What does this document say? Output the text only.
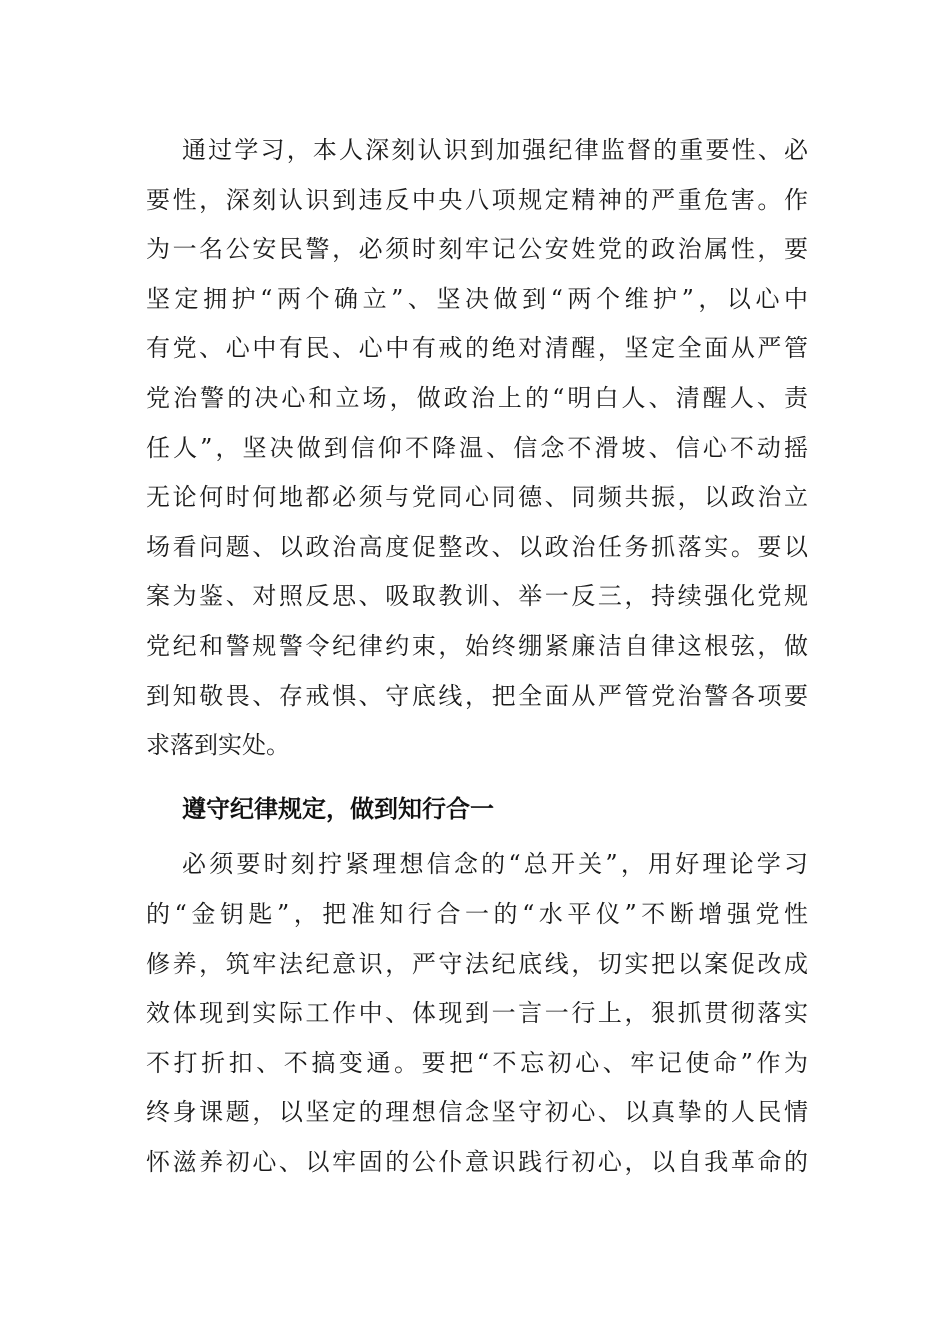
通过学习，本人深刻认识到加强纪律监督的重要性、必
要性，深刻认识到违反中央八项规定精神的严重危害。作
为一名公安民警，必须时刻牢记公安姓党的政治属性，要
坚定拥护“两个确立”、坚决做到“两个维护”，以心中
有党、心中有民、心中有戒的绝对清醒，坚定全面从严管
党治警的决心和立场，做政治上的“明白人、清醒人、责
任人”，坚决做到信仰不降温、信念不滑坡、信心不动摇
无论何时何地都必须与党同心同德、同频共振，以政治立
场看问题、以政治高度促整改、以政治任务抓落实。要以
案为鉴、对照反思、吸取教训、举一反三，持续强化党规
党纪和警规警令纪律约束，始终绷紧廉洁自律这根弦，做
到知敬畏、存戒惧、守底线，把全面从严管党治警各项要
求落到实处。
遵守纪律规定，做到知行合一
必须要时刻拧紧理想信念的“总开关”，用好理论学习
的“金钥匙”，把准知行合一的“水平仪”不断增强党性
修养，筑牢法纪意识，严守法纪底线，切实把以案促改成
效体现到实际工作中、体现到一言一行上，狠抓贯彻落实
不打折扣、不搞变通。要把“不忘初心、牢记使命”作为
终身课题，以坚定的理想信念坚守初心、以真挚的人民情
怀滋养初心、以牢固的公仆意识践行初心，以自我革命的
